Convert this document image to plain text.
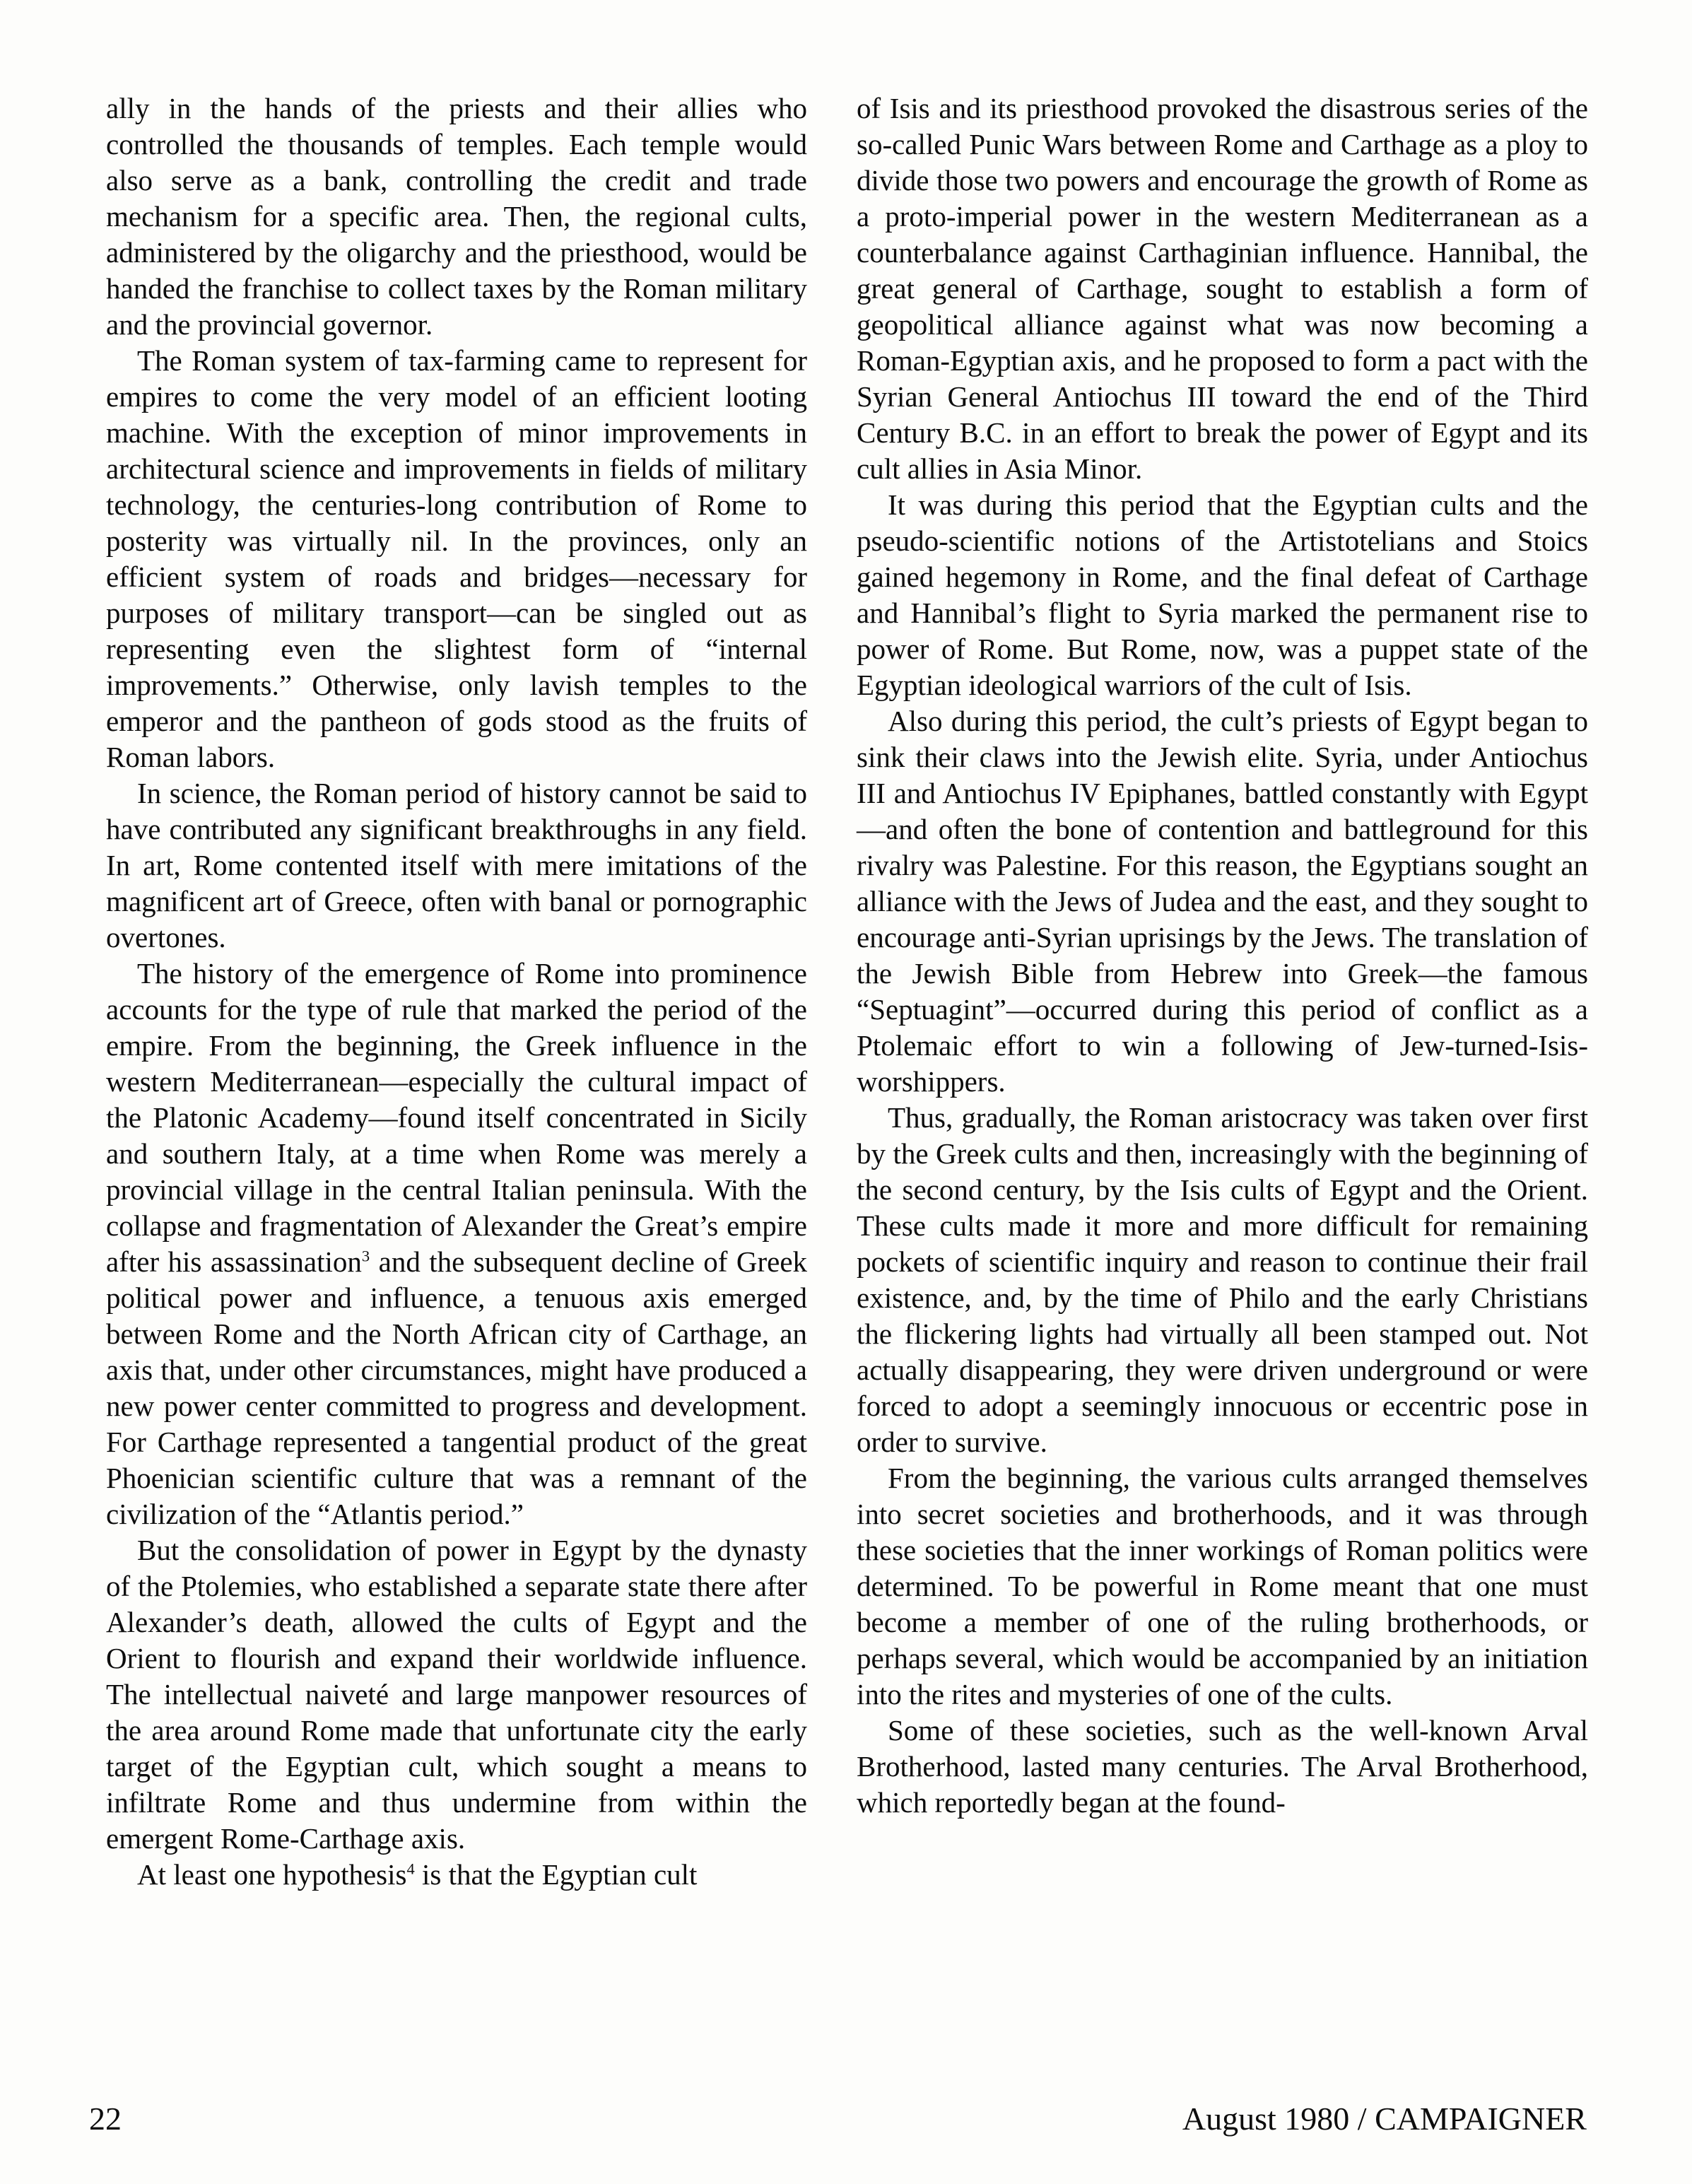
ally in the hands of the priests and their allies who controlled the thousands of temples. Each temple would also serve as a bank, controlling the credit and trade mechanism for a specific area. Then, the regional cults, administered by the oligarchy and the priesthood, would be handed the franchise to collect taxes by the Roman military and the provincial governor.

The Roman system of tax-farming came to represent for empires to come the very model of an efficient looting machine. With the exception of minor improvements in architectural science and improvements in fields of military technology, the centuries-long contribution of Rome to posterity was virtually nil. In the provinces, only an efficient system of roads and bridges—necessary for purposes of military transport—can be singled out as representing even the slightest form of “internal improvements.” Otherwise, only lavish temples to the emperor and the pantheon of gods stood as the fruits of Roman labors.

In science, the Roman period of history cannot be said to have contributed any significant breakthroughs in any field. In art, Rome contented itself with mere imitations of the magnificent art of Greece, often with banal or pornographic overtones.

The history of the emergence of Rome into prominence accounts for the type of rule that marked the period of the empire. From the beginning, the Greek influence in the western Mediterranean—especially the cultural impact of the Platonic Academy—found itself concentrated in Sicily and southern Italy, at a time when Rome was merely a provincial village in the central Italian peninsula. With the collapse and fragmentation of Alexander the Great’s empire after his assassination$^3$ and the subsequent decline of Greek political power and influence, a tenuous axis emerged between Rome and the North African city of Carthage, an axis that, under other circumstances, might have produced a new power center committed to progress and development. For Carthage represented a tangential product of the great Phoenician scientific culture that was a remnant of the civilization of the “Atlantis period.”

But the consolidation of power in Egypt by the dynasty of the Ptolemies, who established a separate state there after Alexander’s death, allowed the cults of Egypt and the Orient to flourish and expand their worldwide influence. The intellectual naiveté and large manpower resources of the area around Rome made that unfortunate city the early target of the Egyptian cult, which sought a means to infiltrate Rome and thus undermine from within the emergent Rome-Carthage axis.

At least one hypothesis$^4$ is that the Egyptian cult

of Isis and its priesthood provoked the disastrous series of the so-called Punic Wars between Rome and Carthage as a ploy to divide those two powers and encourage the growth of Rome as a proto-imperial power in the western Mediterranean as a counterbalance against Carthaginian influence. Hannibal, the great general of Carthage, sought to establish a form of geopolitical alliance against what was now becoming a Roman-Egyptian axis, and he proposed to form a pact with the Syrian General Antiochus III toward the end of the Third Century B.C. in an effort to break the power of Egypt and its cult allies in Asia Minor.

It was during this period that the Egyptian cults and the pseudo-scientific notions of the Artistotelians and Stoics gained hegemony in Rome, and the final defeat of Carthage and Hannibal’s flight to Syria marked the permanent rise to power of Rome. But Rome, now, was a puppet state of the Egyptian ideological warriors of the cult of Isis.

Also during this period, the cult’s priests of Egypt began to sink their claws into the Jewish elite. Syria, under Antiochus III and Antiochus IV Epiphanes, battled constantly with Egypt—and often the bone of contention and battleground for this rivalry was Palestine. For this reason, the Egyptians sought an alliance with the Jews of Judea and the east, and they sought to encourage anti-Syrian uprisings by the Jews. The translation of the Jewish Bible from Hebrew into Greek—the famous “Septuagint”—occurred during this period of conflict as a Ptolemaic effort to win a following of Jew-turned-Isis-worshippers.

Thus, gradually, the Roman aristocracy was taken over first by the Greek cults and then, increasingly with the beginning of the second century, by the Isis cults of Egypt and the Orient. These cults made it more and more difficult for remaining pockets of scientific inquiry and reason to continue their frail existence, and, by the time of Philo and the early Christians the flickering lights had virtually all been stamped out. Not actually disappearing, they were driven underground or were forced to adopt a seemingly innocuous or eccentric pose in order to survive.

From the beginning, the various cults arranged themselves into secret societies and brotherhoods, and it was through these societies that the inner workings of Roman politics were determined. To be powerful in Rome meant that one must become a member of one of the ruling brotherhoods, or perhaps several, which would be accompanied by an initiation into the rites and mysteries of one of the cults.

Some of these societies, such as the well-known Arval Brotherhood, lasted many centuries. The Arval Brotherhood, which reportedly began at the found-

22	August 1980 / CAMPAIGNER
